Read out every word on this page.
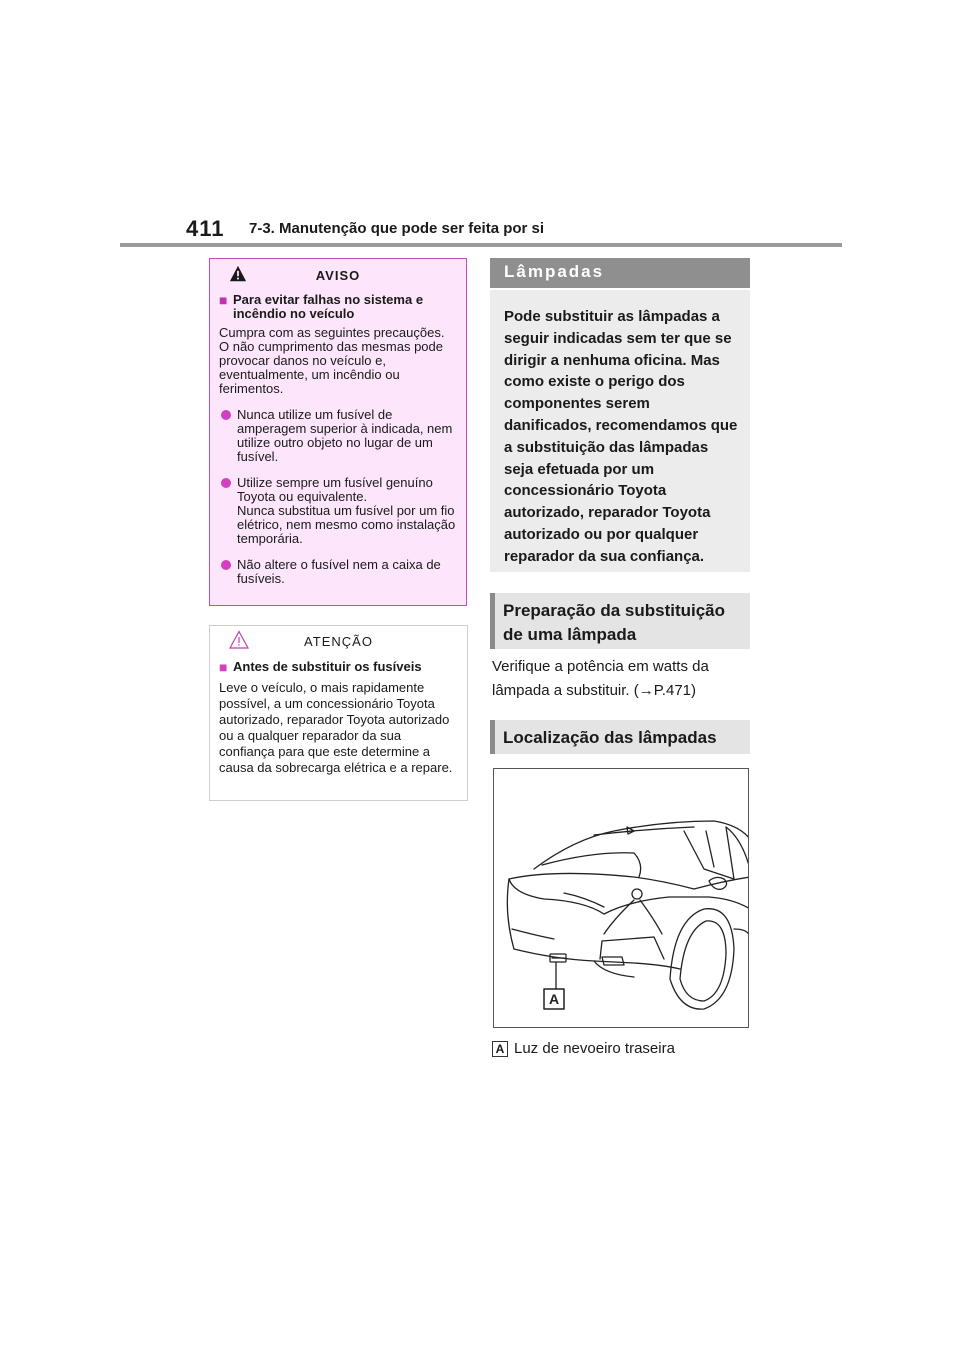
411 7-3. Manutenção que pode ser feita por si
AVISO
■ Para evitar falhas no sistema e incêndio no veículo
Cumpra com as seguintes precauções. O não cumprimento das mesmas pode provocar danos no veículo e, eventualmente, um incêndio ou ferimentos.
Nunca utilize um fusível de amperagem superior à indicada, nem utilize outro objeto no lugar de um fusível.
Utilize sempre um fusível genuíno Toyota ou equivalente.
Nunca substitua um fusível por um fio elétrico, nem mesmo como instalação temporária.
Não altere o fusível nem a caixa de fusíveis.
ATENÇÃO
■ Antes de substituir os fusíveis
Leve o veículo, o mais rapidamente possível, a um concessionário Toyota autorizado, reparador Toyota autorizado ou a qualquer reparador da sua confiança para que este determine a causa da sobrecarga elétrica e a repare.
Lâmpadas
Pode substituir as lâmpadas a seguir indicadas sem ter que se dirigir a nenhuma oficina. Mas como existe o perigo dos componentes serem danificados, recomendamos que a substituição das lâmpadas seja efetuada por um concessionário Toyota autorizado, reparador Toyota autorizado ou por qualquer reparador da sua confiança.
Preparação da substituição de uma lâmpada
Verifique a potência em watts da lâmpada a substituir. (→P.471)
Localização das lâmpadas
A
A Luz de nevoeiro traseira
